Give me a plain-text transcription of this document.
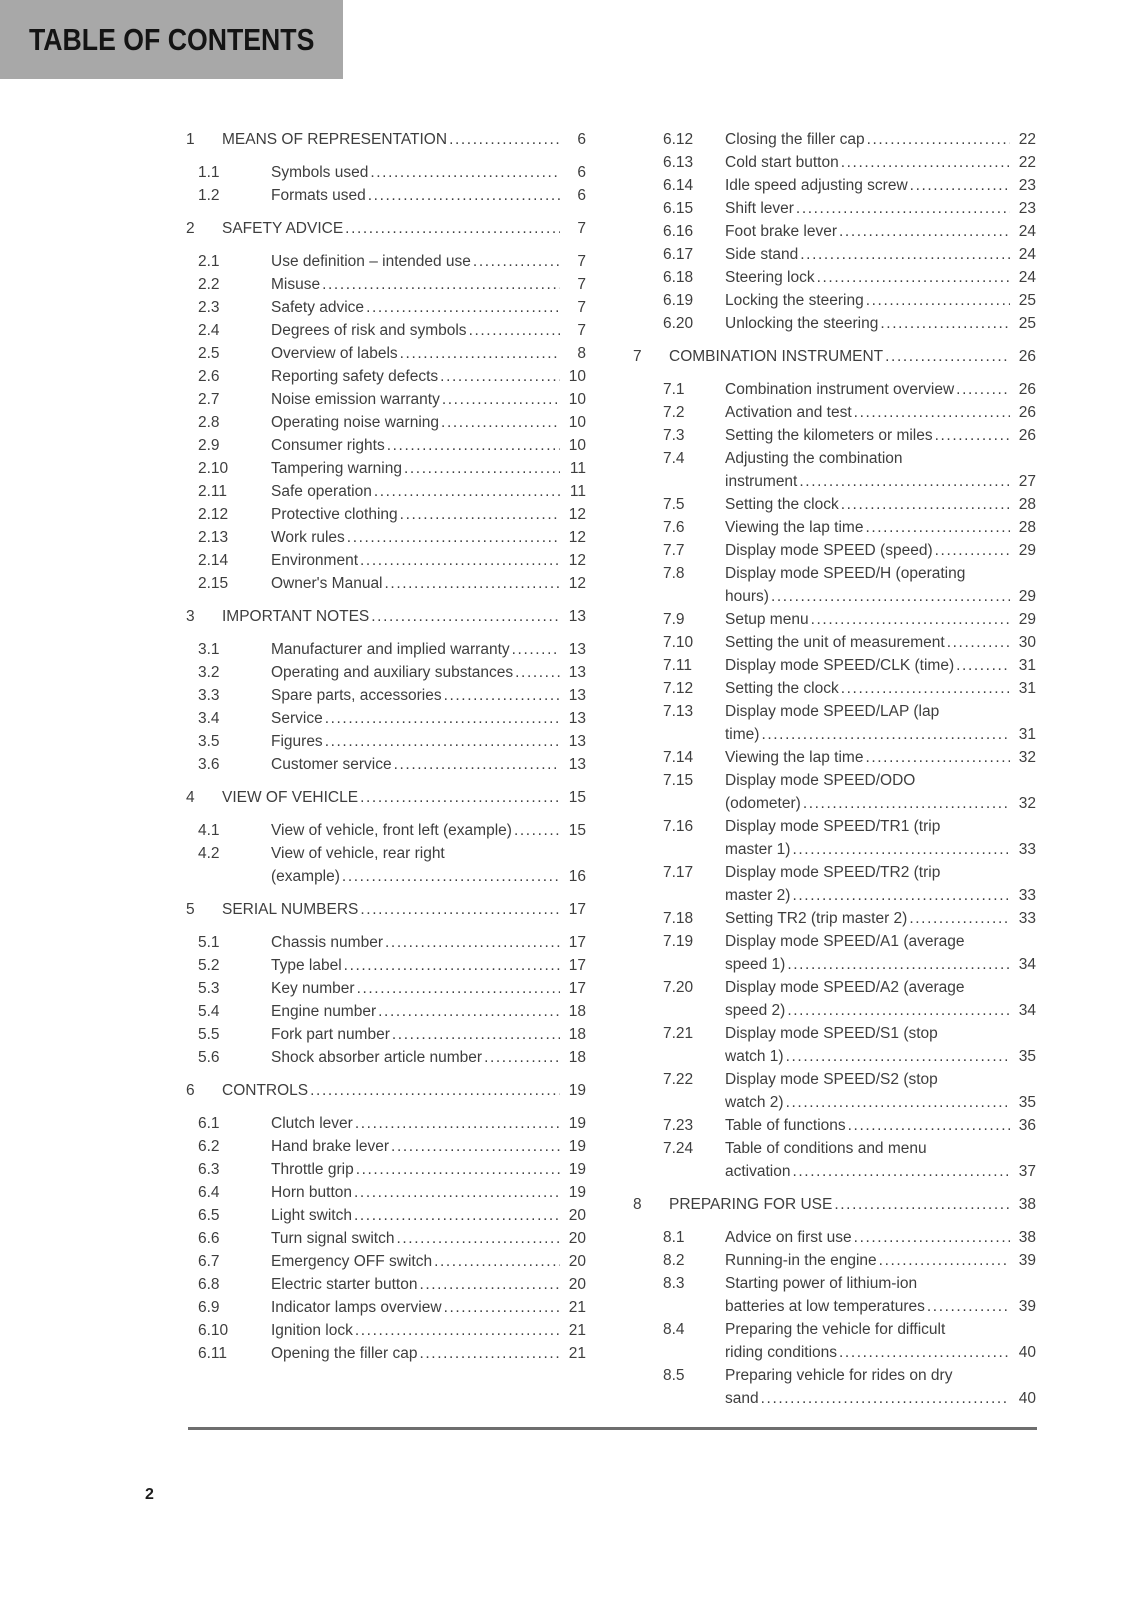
TABLE OF CONTENTS
1	MEANS OF REPRESENTATION .....	6
1.1	Symbols used .....	6
1.2	Formats used .....	6
2	SAFETY ADVICE .....	7
2.1	Use definition – intended use .....	7
2.2	Misuse .....	7
2.3	Safety advice .....	7
2.4	Degrees of risk and symbols .....	7
2.5	Overview of labels .....	8
2.6	Reporting safety defects .....	10
2.7	Noise emission warranty .....	10
2.8	Operating noise warning .....	10
2.9	Consumer rights .....	10
2.10	Tampering warning .....	11
2.11	Safe operation .....	11
2.12	Protective clothing .....	12
2.13	Work rules .....	12
2.14	Environment .....	12
2.15	Owner's Manual .....	12
3	IMPORTANT NOTES .....	13
3.1	Manufacturer and implied warranty .....	13
3.2	Operating and auxiliary substances .....	13
3.3	Spare parts, accessories .....	13
3.4	Service .....	13
3.5	Figures .....	13
3.6	Customer service .....	13
4	VIEW OF VEHICLE .....	15
4.1	View of vehicle, front left (example) .....	15
4.2	View of vehicle, rear right
(example) .....	16
5	SERIAL NUMBERS .....	17
5.1	Chassis number .....	17
5.2	Type label .....	17
5.3	Key number .....	17
5.4	Engine number .....	18
5.5	Fork part number .....	18
5.6	Shock absorber article number .....	18
6	CONTROLS .....	19
6.1	Clutch lever .....	19
6.2	Hand brake lever .....	19
6.3	Throttle grip .....	19
6.4	Horn button .....	19
6.5	Light switch .....	20
6.6	Turn signal switch .....	20
6.7	Emergency OFF switch .....	20
6.8	Electric starter button .....	20
6.9	Indicator lamps overview .....	21
6.10	Ignition lock .....	21
6.11	Opening the filler cap .....	21
6.12	Closing the filler cap .....	22
6.13	Cold start button .....	22
6.14	Idle speed adjusting screw .....	23
6.15	Shift lever .....	23
6.16	Foot brake lever .....	24
6.17	Side stand .....	24
6.18	Steering lock .....	24
6.19	Locking the steering .....	25
6.20	Unlocking the steering .....	25
7	COMBINATION INSTRUMENT .....	26
7.1	Combination instrument overview .....	26
7.2	Activation and test .....	26
7.3	Setting the kilometers or miles .....	26
7.4	Adjusting the combination
instrument .....	27
7.5	Setting the clock .....	28
7.6	Viewing the lap time .....	28
7.7	Display mode SPEED (speed) .....	29
7.8	Display mode SPEED/H (operating
hours) .....	29
7.9	Setup menu .....	29
7.10	Setting the unit of measurement .....	30
7.11	Display mode SPEED/CLK (time) .....	31
7.12	Setting the clock .....	31
7.13	Display mode SPEED/LAP (lap
time) .....	31
7.14	Viewing the lap time .....	32
7.15	Display mode SPEED/ODO
(odometer) .....	32
7.16	Display mode SPEED/TR1 (trip
master 1) .....	33
7.17	Display mode SPEED/TR2 (trip
master 2) .....	33
7.18	Setting TR2 (trip master 2) .....	33
7.19	Display mode SPEED/A1 (average
speed 1) .....	34
7.20	Display mode SPEED/A2 (average
speed 2) .....	34
7.21	Display mode SPEED/S1 (stop
watch 1) .....	35
7.22	Display mode SPEED/S2 (stop
watch 2) .....	35
7.23	Table of functions .....	36
7.24	Table of conditions and menu
activation .....	37
8	PREPARING FOR USE .....	38
8.1	Advice on first use .....	38
8.2	Running-in the engine .....	39
8.3	Starting power of lithium-ion
batteries at low temperatures .....	39
8.4	Preparing the vehicle for difficult
riding conditions .....	40
8.5	Preparing vehicle for rides on dry
sand .....	40
2
